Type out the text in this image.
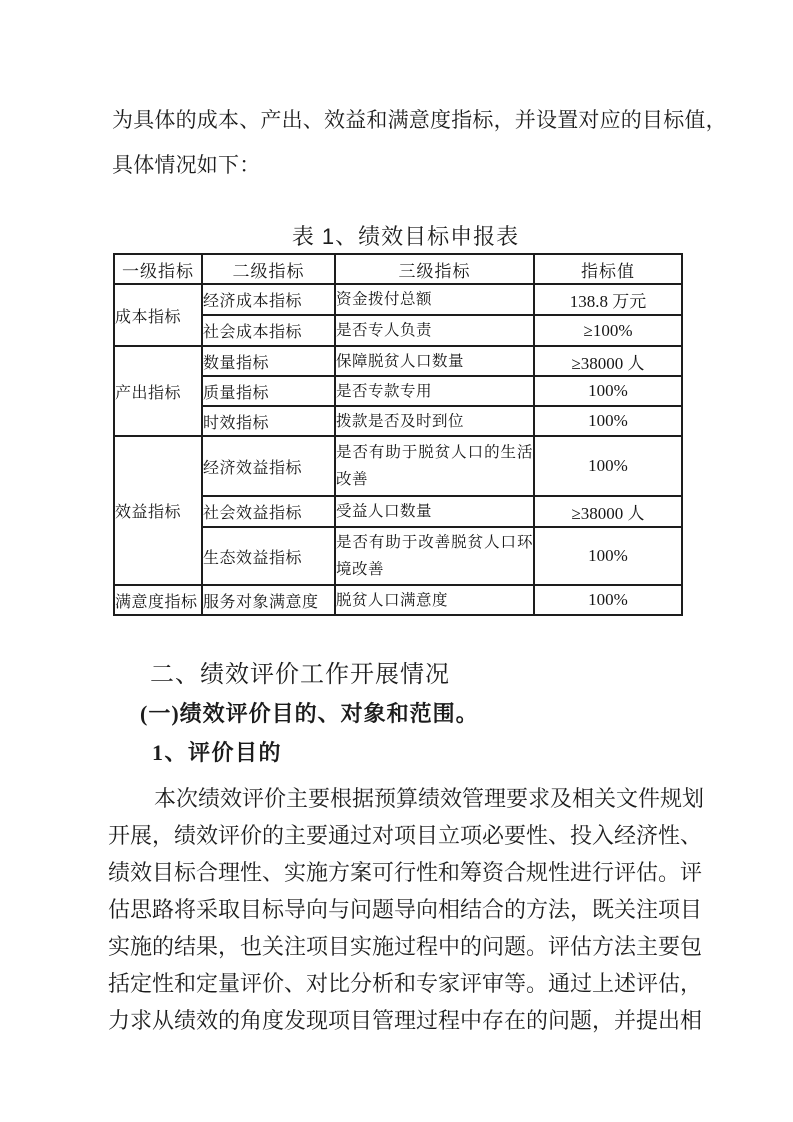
为具体的成本、产出、效益和满意度指标，并设置对应的目标值，
具体情况如下：
表 1、绩效目标申报表
一级指标	二级指标	三级指标	指标值
成本指标	经济成本指标	资金拨付总额	138.8 万元
	社会成本指标	是否专人负责	≥100%
产出指标	数量指标	保障脱贫人口数量	≥38000 人
	质量指标	是否专款专用	100%
	时效指标	拨款是否及时到位	100%
效益指标	经济效益指标	是否有助于脱贫人口的生活改善	100%
	社会效益指标	受益人口数量	≥38000 人
	生态效益指标	是否有助于改善脱贫人口环境改善	100%
满意度指标	服务对象满意度	脱贫人口满意度	100%
二、绩效评价工作开展情况
(一)绩效评价目的、对象和范围。
1、评价目的
本次绩效评价主要根据预算绩效管理要求及相关文件规划
开展，绩效评价的主要通过对项目立项必要性、投入经济性、
绩效目标合理性、实施方案可行性和筹资合规性进行评估。评
估思路将采取目标导向与问题导向相结合的方法，既关注项目
实施的结果，也关注项目实施过程中的问题。评估方法主要包
括定性和定量评价、对比分析和专家评审等。通过上述评估，
力求从绩效的角度发现项目管理过程中存在的问题，并提出相
